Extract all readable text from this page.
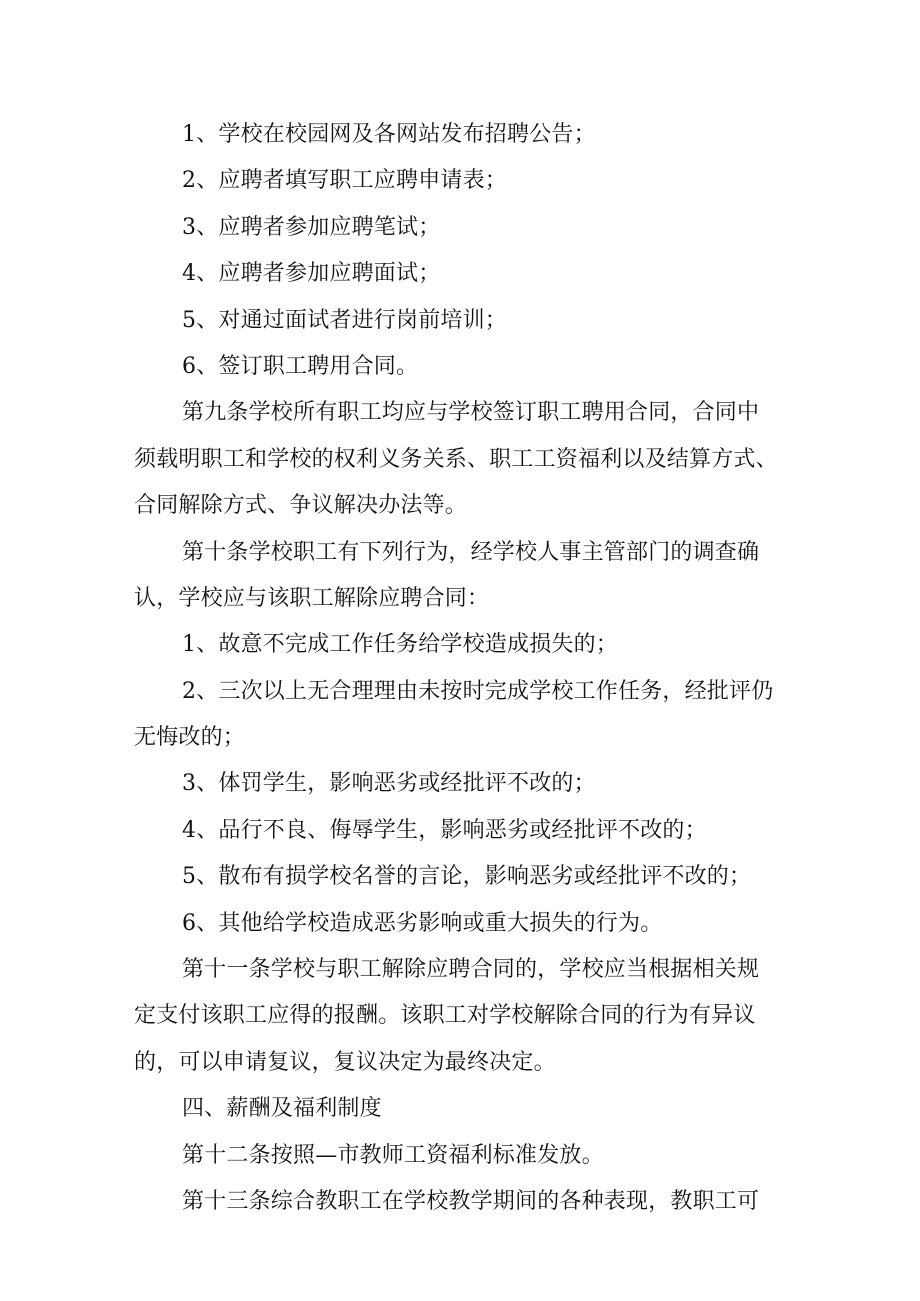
1、学校在校园网及各网站发布招聘公告；
2、应聘者填写职工应聘申请表；
3、应聘者参加应聘笔试；
4、应聘者参加应聘面试；
5、对通过面试者进行岗前培训；
6、签订职工聘用合同。
第九条学校所有职工均应与学校签订职工聘用合同，合同中
须载明职工和学校的权利义务关系、职工工资福利以及结算方式、
合同解除方式、争议解决办法等。
第十条学校职工有下列行为，经学校人事主管部门的调查确
认，学校应与该职工解除应聘合同：
1、故意不完成工作任务给学校造成损失的；
2、三次以上无合理理由未按时完成学校工作任务，经批评仍
无悔改的；
3、体罚学生，影响恶劣或经批评不改的；
4、品行不良、侮辱学生，影响恶劣或经批评不改的；
5、散布有损学校名誉的言论，影响恶劣或经批评不改的；
6、其他给学校造成恶劣影响或重大损失的行为。
第十一条学校与职工解除应聘合同的，学校应当根据相关规
定支付该职工应得的报酬。该职工对学校解除合同的行为有异议
的，可以申请复议，复议决定为最终决定。
四、薪酬及福利制度
第十二条按照—市教师工资福利标准发放。
第十三条综合教职工在学校教学期间的各种表现，教职工可
